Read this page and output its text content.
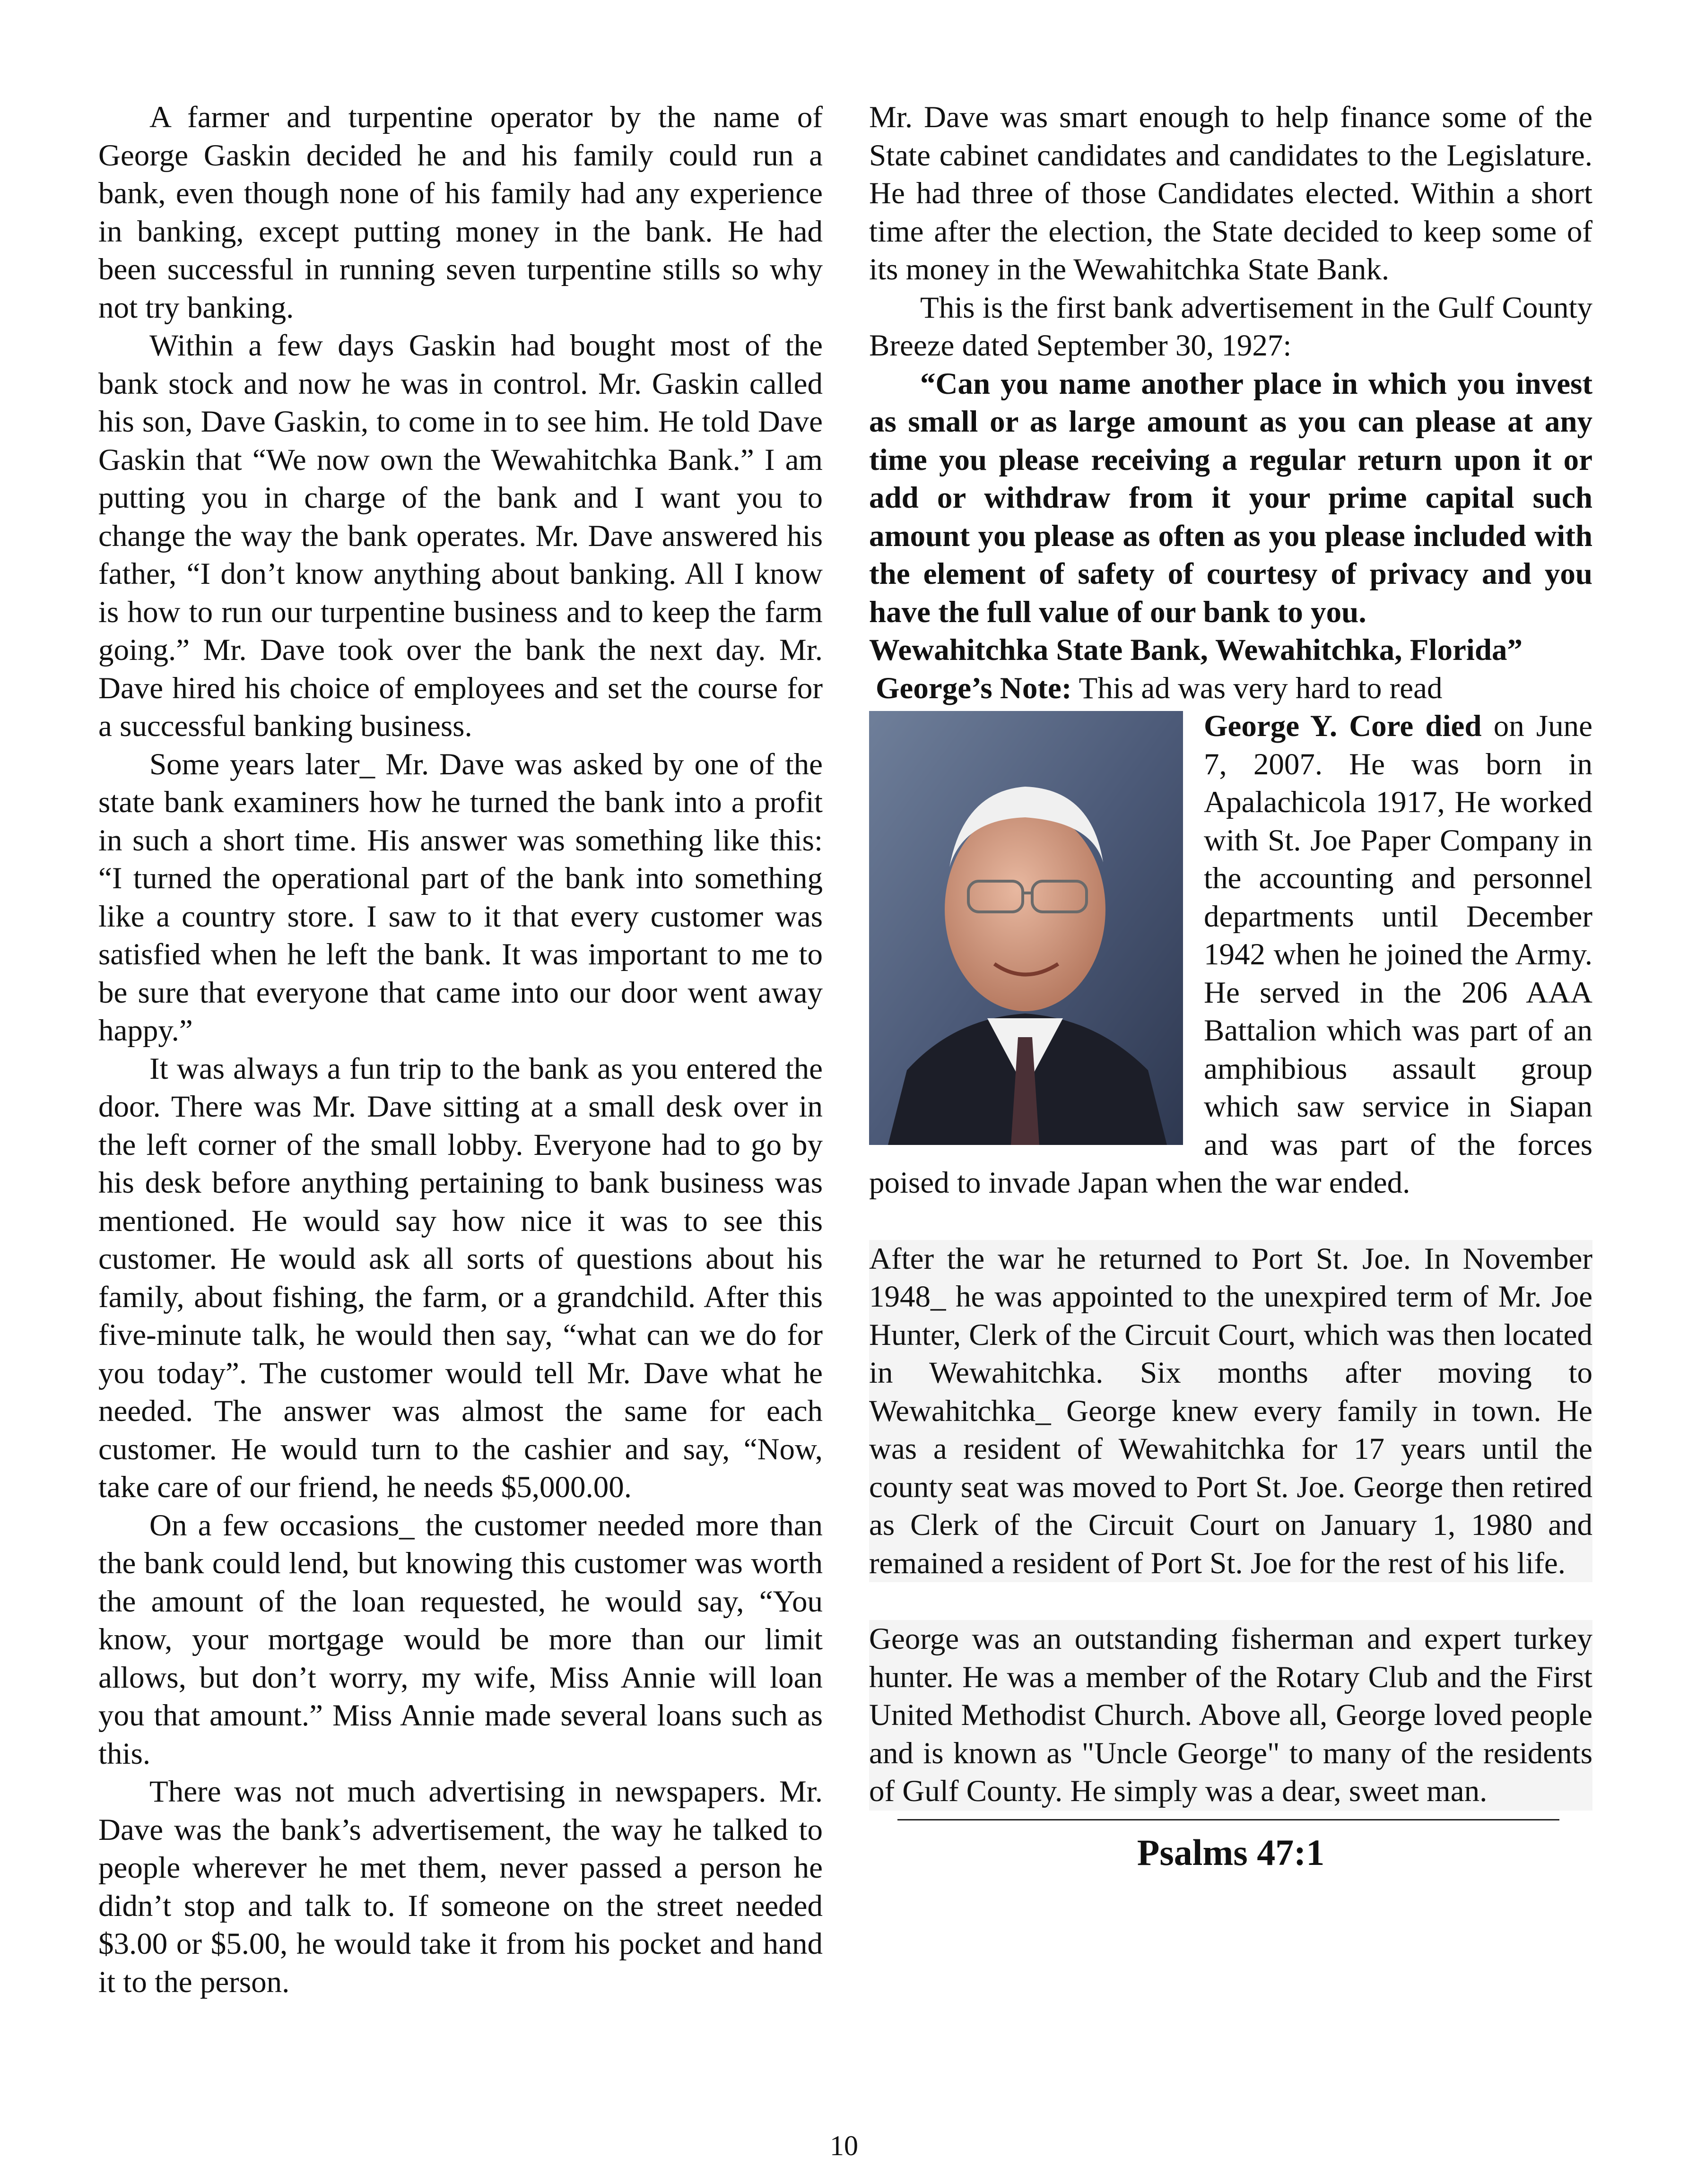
A farmer and turpentine operator by the name of George Gaskin decided he and his family could run a bank, even though none of his family had any experience in banking, except putting money in the bank. He had been successful in running seven turpentine stills so why not try banking.

Within a few days Gaskin had bought most of the bank stock and now he was in control. Mr. Gaskin called his son, Dave Gaskin, to come in to see him. He told Dave Gaskin that “We now own the Wewahitchka Bank.” I am putting you in charge of the bank and I want you to change the way the bank operates. Mr. Dave answered his father, “I don’t know anything about banking. All I know is how to run our turpentine business and to keep the farm going.” Mr. Dave took over the bank the next day. Mr. Dave hired his choice of employees and set the course for a successful banking business.

Some years later_ Mr. Dave was asked by one of the state bank examiners how he turned the bank into a profit in such a short time. His answer was something like this: “I turned the operational part of the bank into something like a country store. I saw to it that every customer was satisfied when he left the bank. It was important to me to be sure that everyone that came into our door went away happy.”

It was always a fun trip to the bank as you entered the door. There was Mr. Dave sitting at a small desk over in the left corner of the small lobby. Everyone had to go by his desk before anything pertaining to bank business was mentioned. He would say how nice it was to see this customer. He would ask all sorts of questions about his family, about fishing, the farm, or a grandchild. After this five-minute talk, he would then say, “what can we do for you today”. The customer would tell Mr. Dave what he needed. The answer was almost the same for each customer. He would turn to the cashier and say, “Now, take care of our friend, he needs $5,000.00.

On a few occasions_ the customer needed more than the bank could lend, but knowing this customer was worth the amount of the loan requested, he would say, “You know, your mortgage would be more than our limit allows, but don’t worry, my wife, Miss Annie will loan you that amount.” Miss Annie made several loans such as this.

There was not much advertising in newspapers. Mr. Dave was the bank’s advertisement, the way he talked to people wherever he met them, never passed a person he didn’t stop and talk to. If someone on the street needed $3.00 or $5.00, he would take it from his pocket and hand it to the person.

Mr. Dave was smart enough to help finance some of the State cabinet candidates and candidates to the Legislature. He had three of those Candidates elected. Within a short time after the election, the State decided to keep some of its money in the Wewahitchka State Bank.

This is the first bank advertisement in the Gulf County Breeze dated September 30, 1927:

“Can you name another place in which you invest as small or as large amount as you can please at any time you please receiving a regular return upon it or add or withdraw from it your prime capital such amount you please as often as you please included with the element of safety of courtesy of privacy and you have the full value of our bank to you.

Wewahitchka State Bank, Wewahitchka, Florida”

George’s Note: This ad was very hard to read

George Y. Core died on June 7, 2007. He was born in Apalachicola 1917, He worked with St. Joe Paper Company in the accounting and personnel departments until December 1942 when he joined the Army. He served in the 206 AAA Battalion which was part of an amphibious assault group which saw service in Siapan and was part of the forces poised to invade Japan when the war ended.

After the war he returned to Port St. Joe. In November 1948_ he was appointed to the unexpired term of Mr. Joe Hunter, Clerk of the Circuit Court, which was then located in Wewahitchka. Six months after moving to Wewahitchka_ George knew every family in town. He was a resident of Wewahitchka for 17 years until the county seat was moved to Port St. Joe. George then retired as Clerk of the Circuit Court on January 1, 1980 and remained a resident of Port St. Joe for the rest of his life.

George was an outstanding fisherman and expert turkey hunter. He was a member of the Rotary Club and the First United Methodist Church. Above all, George loved people and is known as "Uncle George" to many of the residents of Gulf County. He simply was a dear, sweet man.

Psalms 47:1
10
